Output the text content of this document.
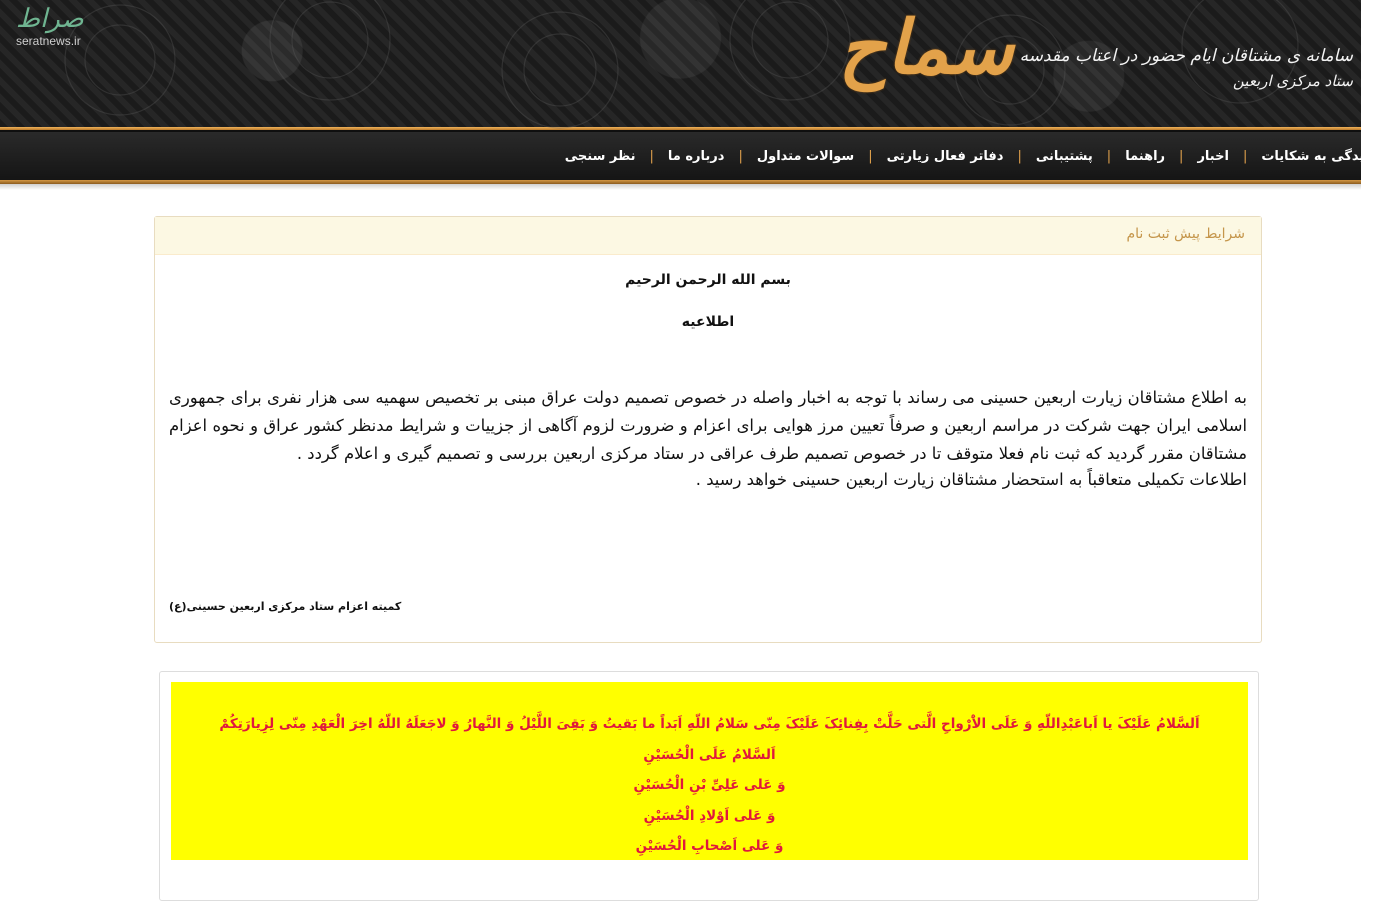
صراط
seratnews.ir	سماح سامانه ی مشتاقان ایام حضور در اعتاب مقدسه
ستاد مرکزی اربعین
رسیدگی به شکایات
|
اخبار
|
راهنما
|
پشتیبانی
|
دفاتر فعال زیارتی
|
سوالات متداول
|
درباره ما
|
نظر سنجی
شرایط پیش ثبت نام

بسم الله الرحمن الرحیم

اطلاعیه

به اطلاع مشتاقان زیارت اربعین حسینی می رساند با توجه به اخبار واصله در خصوص تصمیم دولت عراق مبنی بر تخصیص سهمیه سی هزار نفری برای جمهوری اسلامی ایران جهت شرکت در مراسم اربعین و صرفاً تعیین مرز هوایی برای اعزام و ضرورت لزوم آگاهی از جزییات و شرایط مدنظر کشور عراق و نحوه اعزام مشتاقان مقرر گردید که ثبت نام فعلا متوقف تا در خصوص تصمیم طرف عراقی در ستاد مرکزی اربعین بررسی و تصمیم گیری و اعلام گردد .
اطلاعات تکمیلی متعاقباً به استحضار مشتاقان زیارت اربعین حسینی خواهد رسید .
کمیته اعزام ستاد مرکزی اربعین حسینی(ع)
اَلسَّلامُ عَلَیْکَ یا اَباعَبْدِاللّهِ وَ عَلَی الاَْرْواحِ الَّتی حَلَّتْ بِفِنائِکَ عَلَیْکَ مِنّی سَلامُ اللّهِ اَبَداً ما بَقیتُ وَ بَقِیَ اللَّیْلُ وَ النَّهارُ وَ لاجَعَلَهُ اللّهُ اخِرَ الْعَهْدِ مِنّی لِزِیارَتِکُمْ
اَلسَّلامُ عَلَی الْحُسَیْنِ
وَ عَلی عَلِیِّ بْنِ الْحُسَیْنِ
وَ عَلی اَوْلادِ الْحُسَیْنِ
وَ عَلی اَصْحابِ الْحُسَیْنِ
